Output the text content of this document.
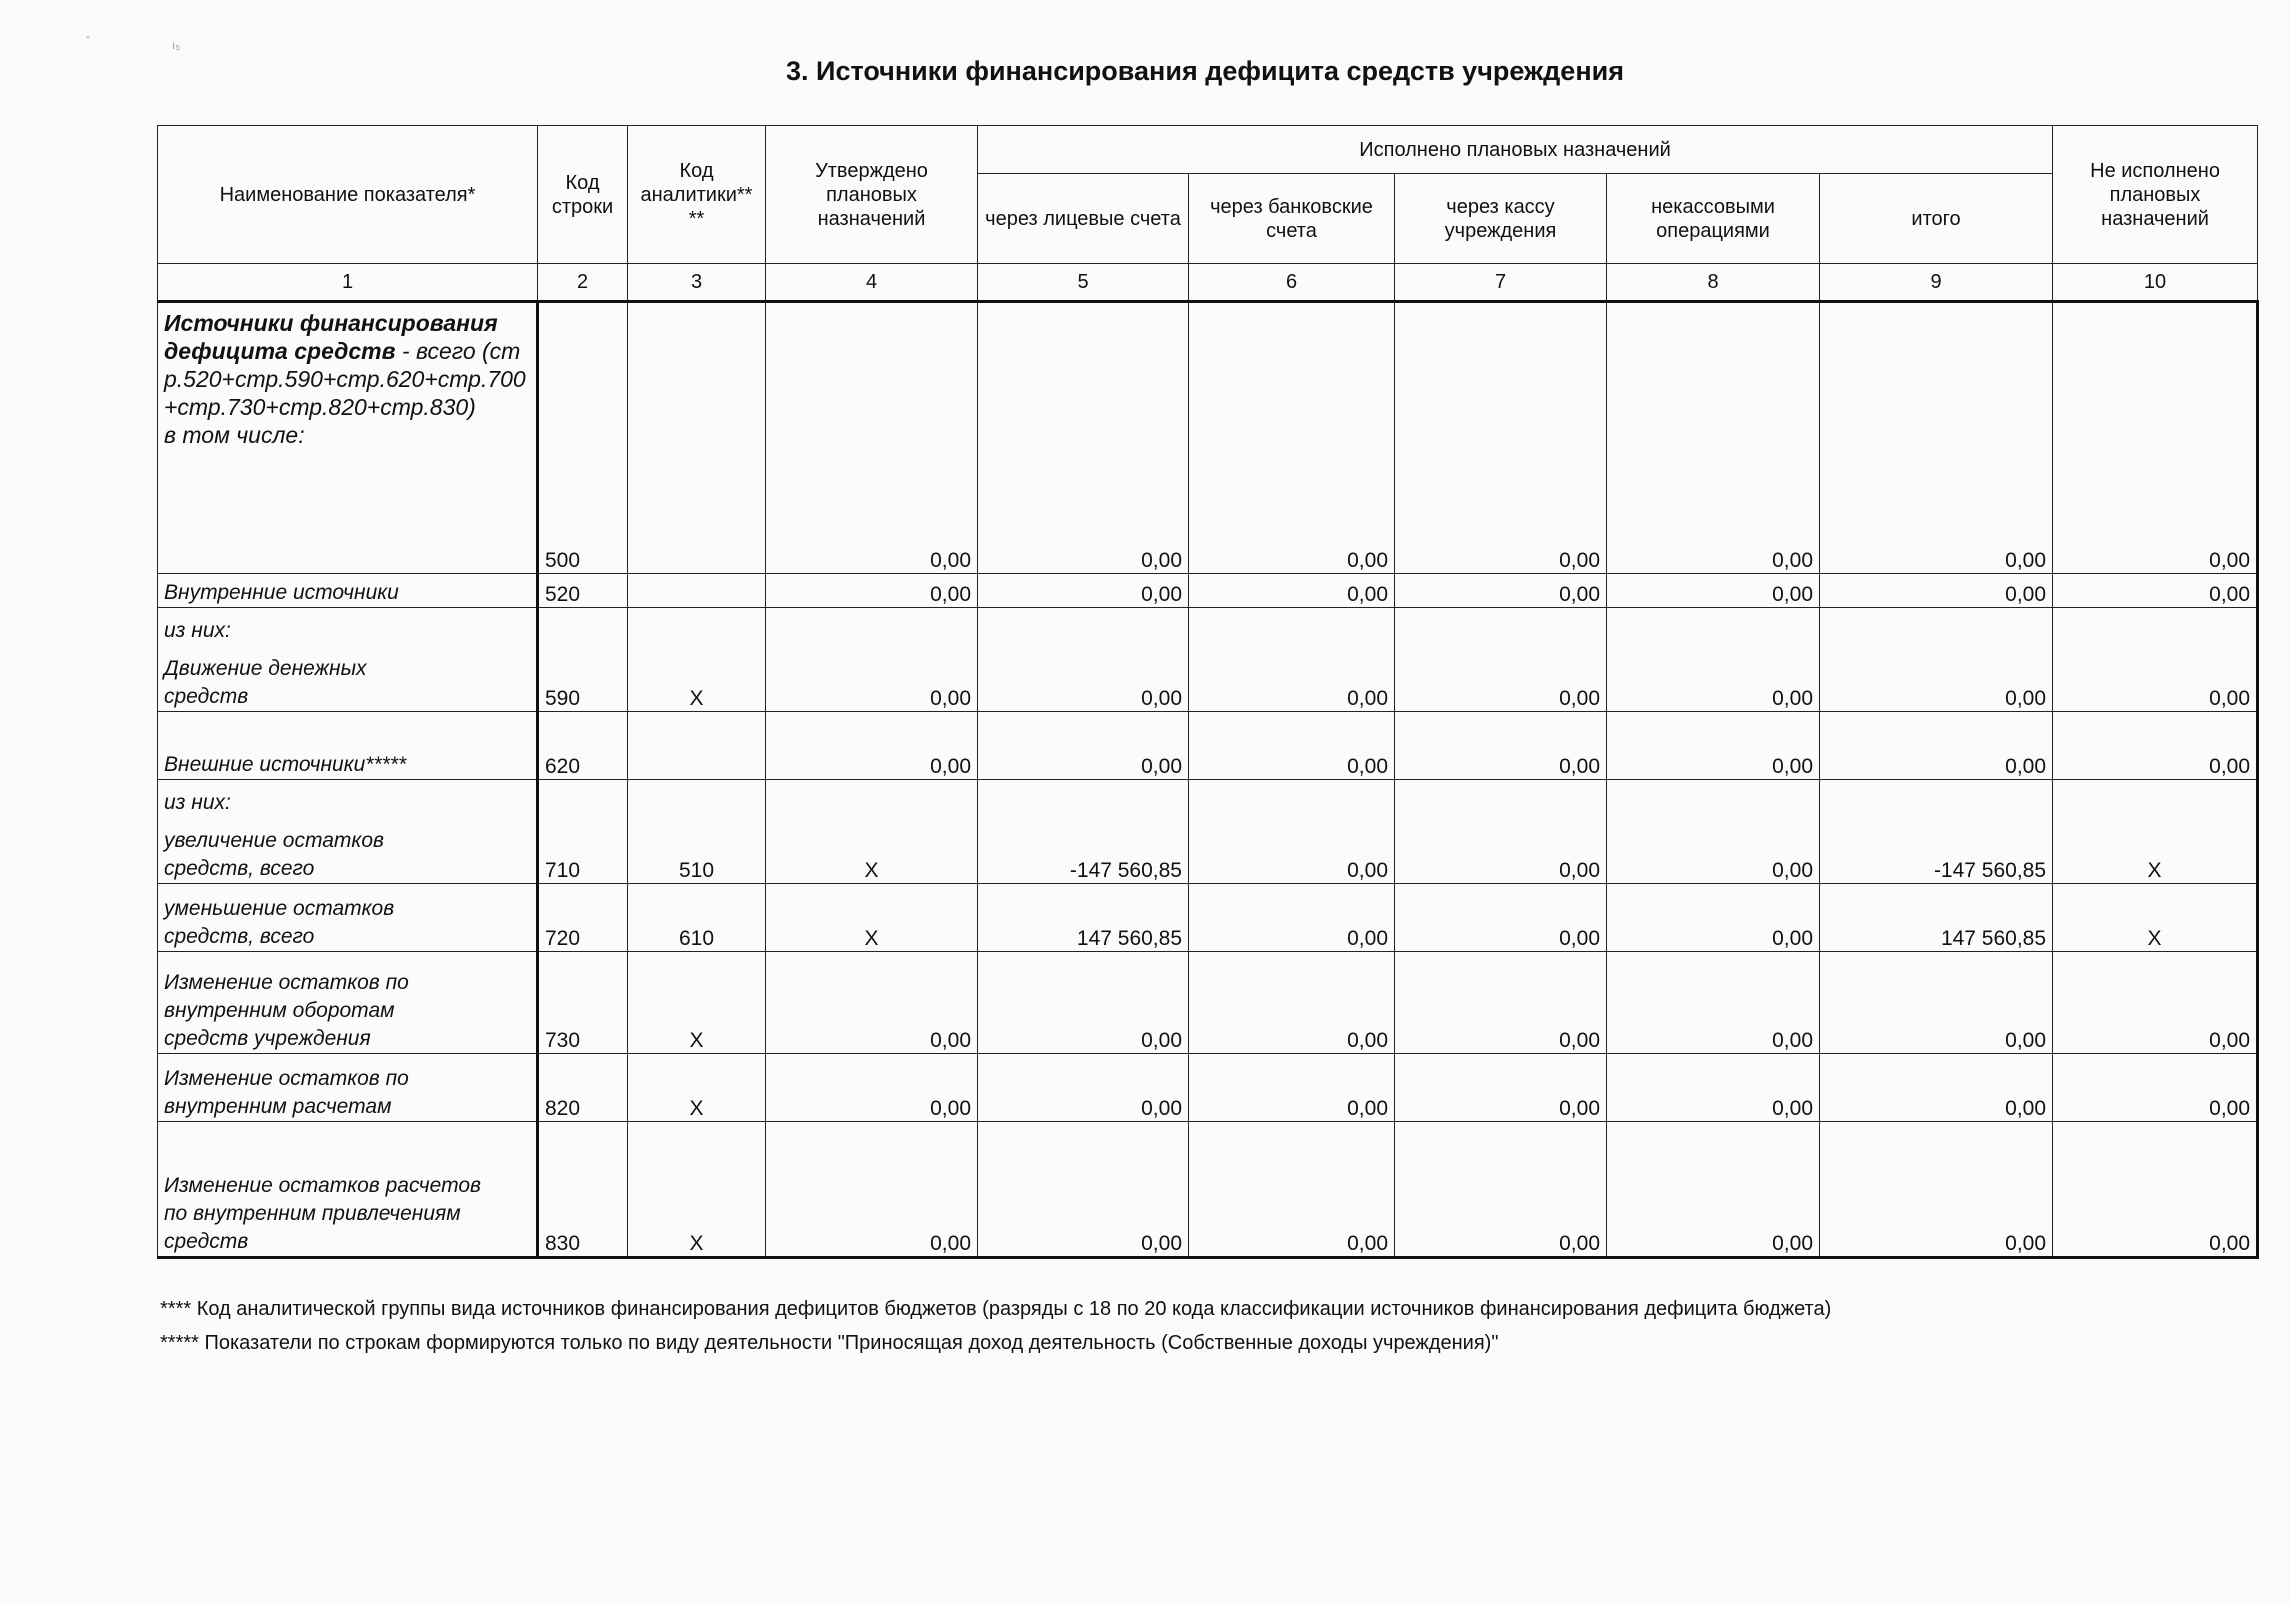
ˇ	ı₅
3. Источники финансирования дефицита средств учреждения
Наименование показателя*	Код строки	Код аналитики** **	Утверждено плановых назначений	Исполнено плановых назначений					Не исполнено плановых назначений
				через лицевые счета	через банковские счета	через кассу учреждения	некассовыми операциями	итого	
1	2	3	4	5	6	7	8	9	10
Источники финансирования дефицита средств - всего (стр.520+стр.590+стр.620+стр.700+стр.730+стр.820+стр.830)
в том числе:	500		0,00	0,00	0,00	0,00	0,00	0,00	0,00
Внутренние источники	520		0,00	0,00	0,00	0,00	0,00	0,00	0,00

из них:
Движение денежных средств	590	X	0,00	0,00	0,00	0,00	0,00	0,00	0,00
Внешние источники*****	620		0,00	0,00	0,00	0,00	0,00	0,00	0,00

из них:
увеличение остатков средств, всего	710	510	X	-147 560,85	0,00	0,00	0,00	-147 560,85	X

уменьшение остатков средств, всего	720	610	X	147 560,85	0,00	0,00	0,00	147 560,85	X

Изменение остатков по внутренним оборотам средств учреждения	730	X	0,00	0,00	0,00	0,00	0,00	0,00	0,00

Изменение остатков по внутренним расчетам	820	X	0,00	0,00	0,00	0,00	0,00	0,00	0,00

Изменение остатков расчетов по внутренним привлечениям средств	830	X	0,00	0,00	0,00	0,00	0,00	0,00	0,00
**** Код аналитической группы вида источников финансирования дефицитов бюджетов (разряды с 18 по 20 кода классификации источников финансирования дефицита бюджета)
***** Показатели по строкам формируются только по виду деятельности "Приносящая доход деятельность (Собственные доходы учреждения)"
